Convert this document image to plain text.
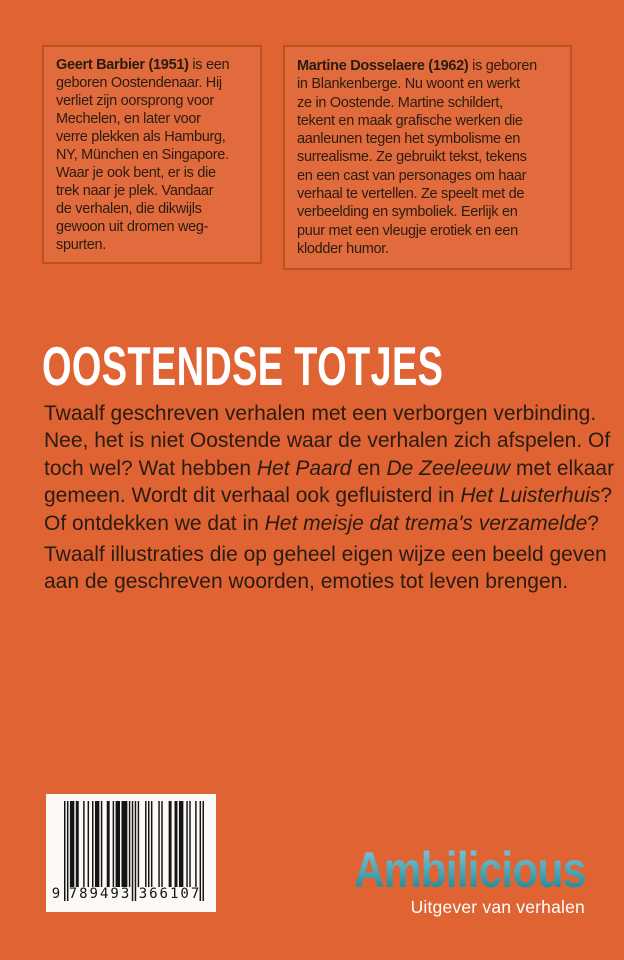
Geert Barbier (1951) is een
geboren Oostendenaar. Hij
verliet zijn oorsprong voor
Mechelen, en later voor
verre plekken als Hamburg,
NY, München en Singapore.
Waar je ook bent, er is die
trek naar je plek. Vandaar
de verhalen, die dikwijls
gewoon uit dromen weg-
spurten.
Martine Dosselaere (1962) is geboren
in Blankenberge. Nu woont en werkt
ze in Oostende. Martine schildert,
tekent en maak grafische werken die
aanleunen tegen het symbolisme en
surrealisme. Ze gebruikt tekst, tekens
en een cast van personages om haar
verhaal te vertellen. Ze speelt met de
verbeelding en symboliek. Eerlijk en
puur met een vleugje erotiek en een
klodder humor.
OOSTENDSE TOTJES
Twaalf geschreven verhalen met een verborgen verbinding.
Nee, het is niet Oostende waar de verhalen zich afspelen. Of
toch wel? Wat hebben Het Paard en De Zeeleeuw met elkaar
gemeen. Wordt dit verhaal ook gefluisterd in Het Luisterhuis?
Of ontdekken we dat in Het meisje dat trema's verzamelde?
Twaalf illustraties die op geheel eigen wijze een beeld geven
aan de geschreven woorden, emoties tot leven brengen.
9 789493 366107	Ambilicious
Uitgever van verhalen
